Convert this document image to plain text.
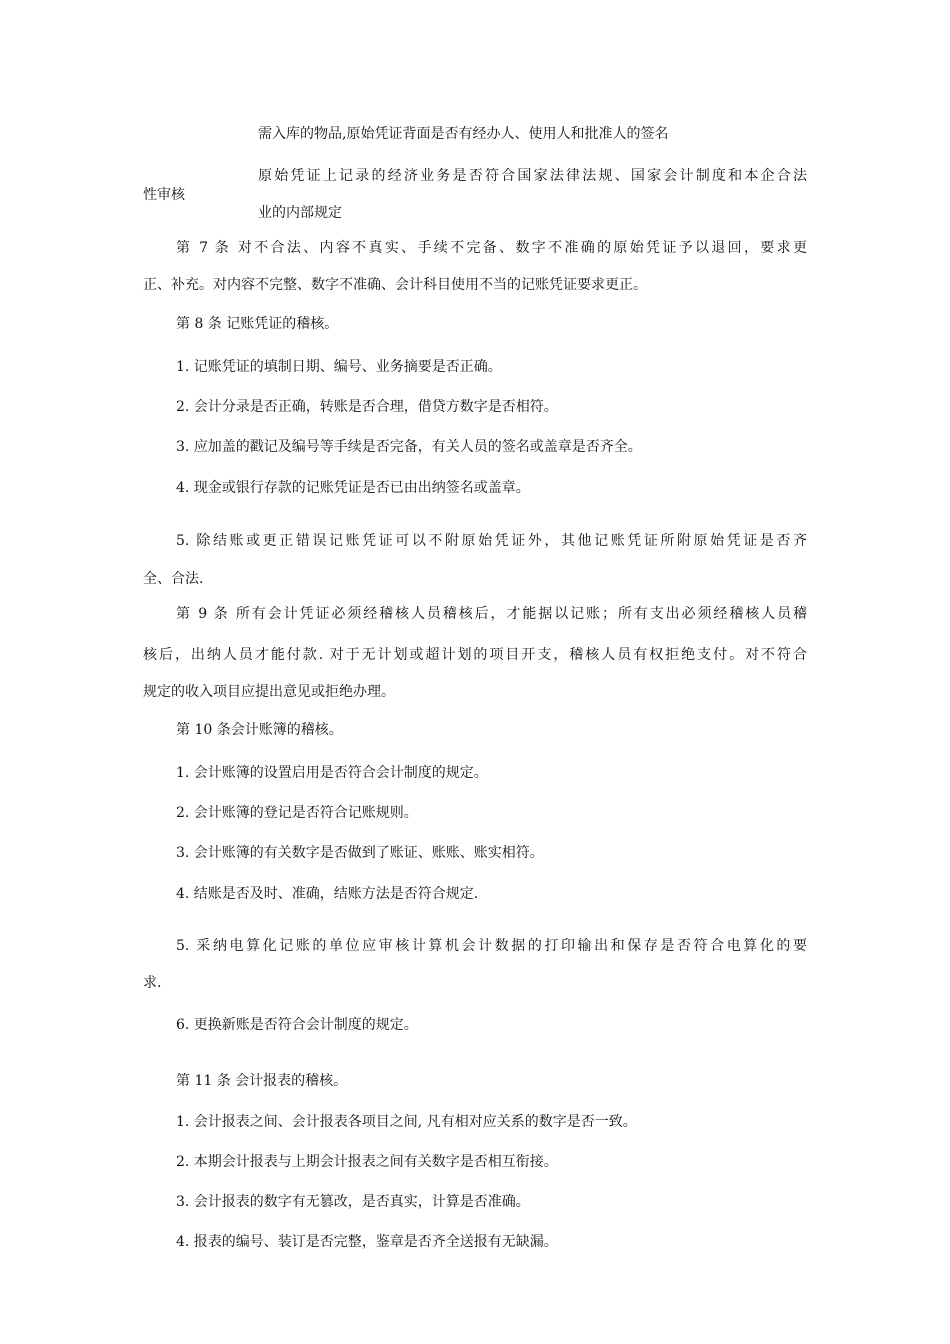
需入库的物品,原始凭证背面是否有经办人、使用人和批准人的签名
性审核
原始凭证上记录的经济业务是否符合国家法律法规、国家会计制度和本企合法
业的内部规定
第 7 条 对不合法、内容不真实、手续不完备、数字不准确的原始凭证予以退回，要求更
正、补充。对内容不完整、数字不准确、会计科目使用不当的记账凭证要求更正。
第 8 条 记账凭证的稽核。
1. 记账凭证的填制日期、编号、业务摘要是否正确。
2. 会计分录是否正确，转账是否合理，借贷方数字是否相符。
3. 应加盖的戳记及编号等手续是否完备，有关人员的签名或盖章是否齐全。
4. 现金或银行存款的记账凭证是否已由出纳签名或盖章。
5. 除结账或更正错误记账凭证可以不附原始凭证外，其他记账凭证所附原始凭证是否齐
全、合法.
第 9 条 所有会计凭证必须经稽核人员稽核后，才能据以记账；所有支出必须经稽核人员稽
核后，出纳人员才能付款. 对于无计划或超计划的项目开支，稽核人员有权拒绝支付。对不符合
规定的收入项目应提出意见或拒绝办理。
第 10 条会计账簿的稽核。
1. 会计账簿的设置启用是否符合会计制度的规定。
2. 会计账簿的登记是否符合记账规则。
3. 会计账簿的有关数字是否做到了账证、账账、账实相符。
4. 结账是否及时、准确，结账方法是否符合规定.
5. 采纳电算化记账的单位应审核计算机会计数据的打印输出和保存是否符合电算化的要
求.
6. 更换新账是否符合会计制度的规定。
第 11 条 会计报表的稽核。
1. 会计报表之间、会计报表各项目之间, 凡有相对应关系的数字是否一致。
2. 本期会计报表与上期会计报表之间有关数字是否相互衔接。
3. 会计报表的数字有无篡改，是否真实，计算是否准确。
4. 报表的编号、装订是否完整，鉴章是否齐全送报有无缺漏。
